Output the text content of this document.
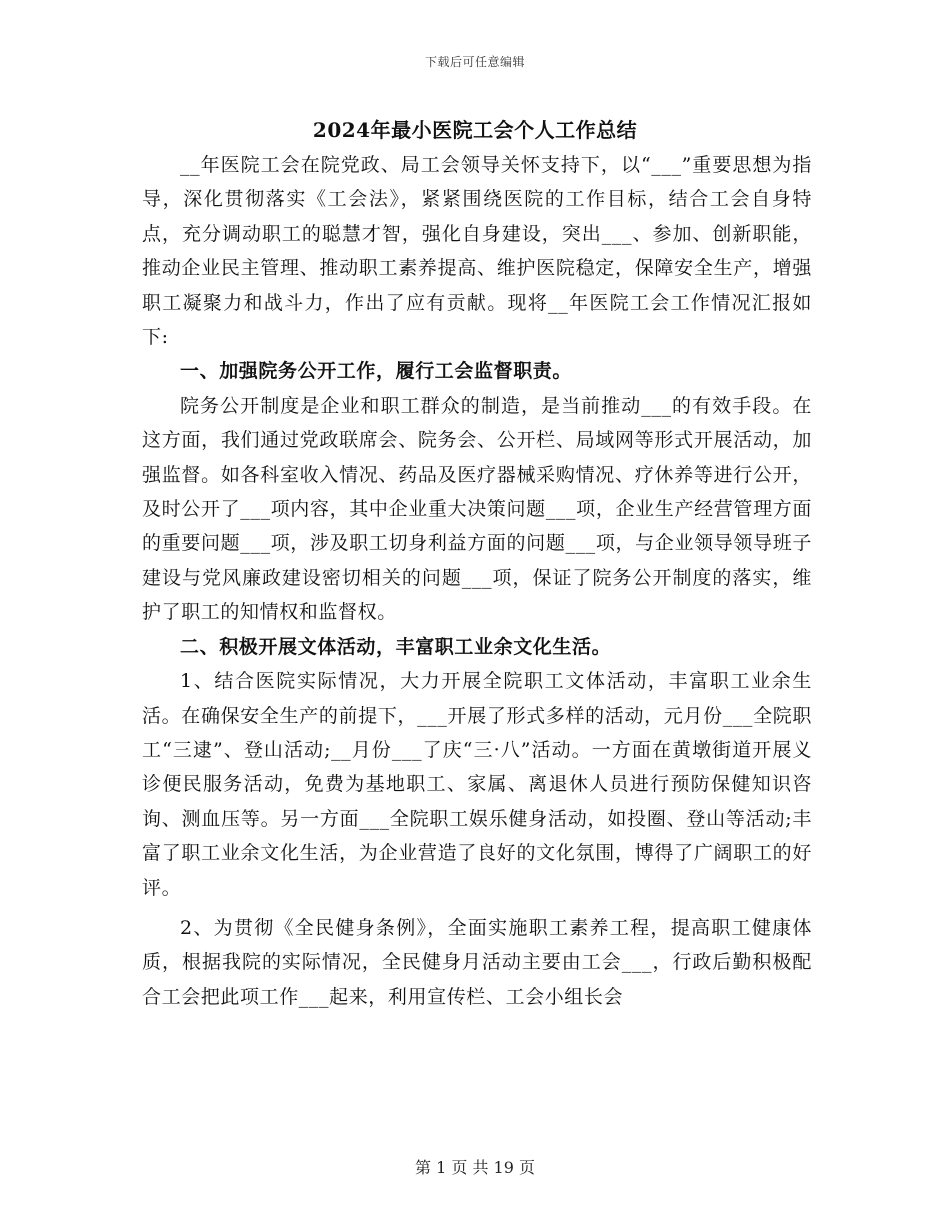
下载后可任意编辑
2024年最小医院工会个人工作总结

__年医院工会在院党政、局工会领导关怀支持下，以“___”重要思想为指导，深化贯彻落实《工会法》，紧紧围绕医院的工作目标，结合工会自身特点，充分调动职工的聪慧才智，强化自身建设，突出___、参加、创新职能，推动企业民主管理、推动职工素养提高、维护医院稳定，保障安全生产，增强职工凝聚力和战斗力，作出了应有贡献。现将__年医院工会工作情况汇报如下:

一、加强院务公开工作，履行工会监督职责。

院务公开制度是企业和职工群众的制造，是当前推动___的有效手段。在这方面，我们通过党政联席会、院务会、公开栏、局域网等形式开展活动，加强监督。如各科室收入情况、药品及医疗器械采购情况、疗休养等进行公开，及时公开了___项内容，其中企业重大决策问题___项，企业生产经营管理方面的重要问题___项，涉及职工切身利益方面的问题___项，与企业领导领导班子建设与党风廉政建设密切相关的问题___项，保证了院务公开制度的落实，维护了职工的知情权和监督权。

二、积极开展文体活动，丰富职工业余文化生活。

1、结合医院实际情况，大力开展全院职工文体活动，丰富职工业余生活。在确保安全生产的前提下，___开展了形式多样的活动，元月份___全院职工“三逮”、登山活动;__月份___了庆“三·八”活动。一方面在黄墩街道开展义诊便民服务活动，免费为基地职工、家属、离退休人员进行预防保健知识咨询、测血压等。另一方面___全院职工娱乐健身活动，如投圈、登山等活动;丰富了职工业余文化生活，为企业营造了良好的文化氛围，博得了广阔职工的好评。

2、为贯彻《全民健身条例》，全面实施职工素养工程，提高职工健康体质，根据我院的实际情况，全民健身月活动主要由工会___，行政后勤积极配合工会把此项工作___起来，利用宣传栏、工会小组长会

第 1 页 共 19 页
